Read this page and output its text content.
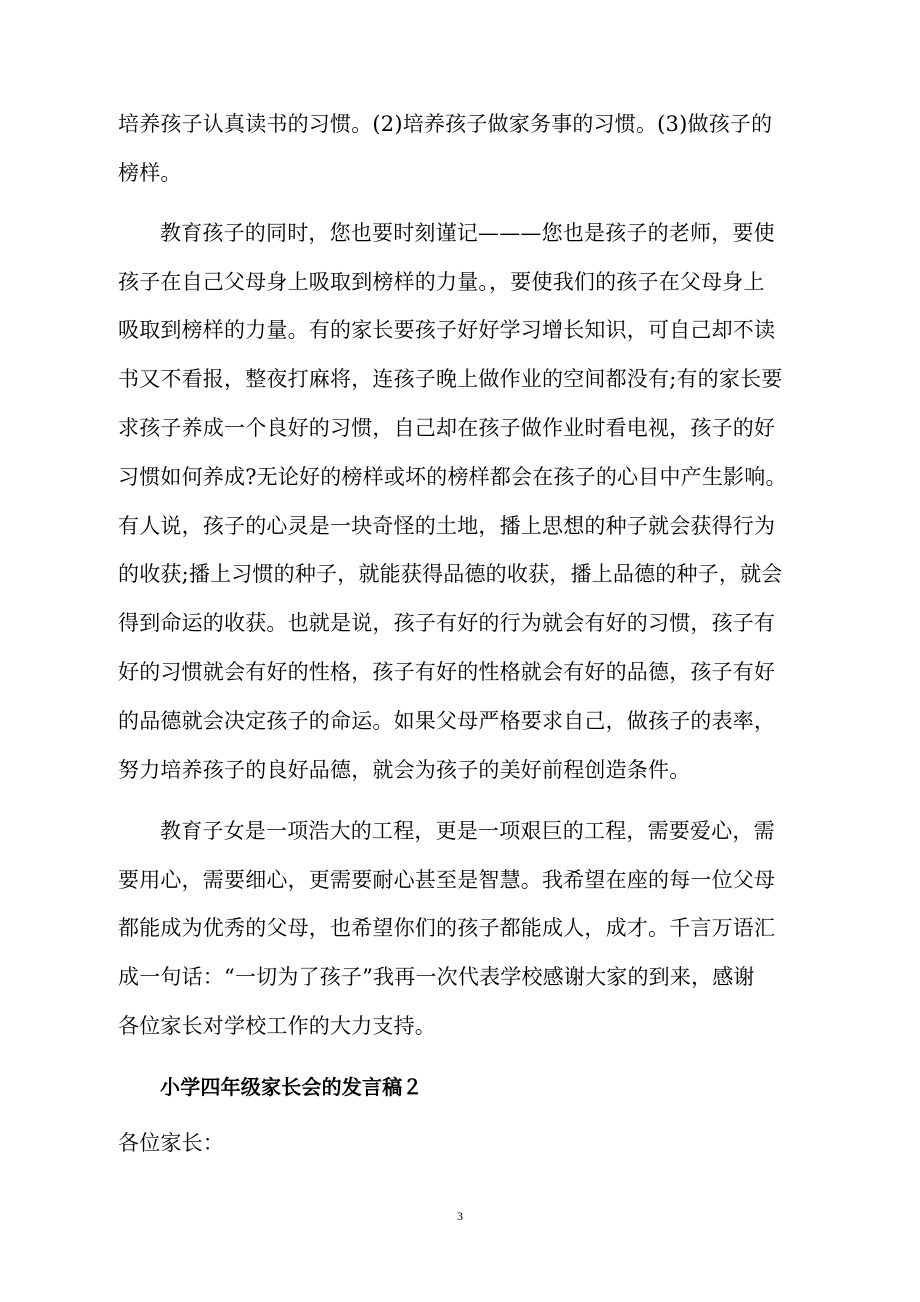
培养孩子认真读书的习惯。(2)培养孩子做家务事的习惯。(3)做孩子的
榜样。
教育孩子的同时，您也要时刻谨记———您也是孩子的老师，要使
孩子在自己父母身上吸取到榜样的力量。，要使我们的孩子在父母身上
吸取到榜样的力量。有的家长要孩子好好学习增长知识，可自己却不读
书又不看报，整夜打麻将，连孩子晚上做作业的空间都没有;有的家长要
求孩子养成一个良好的习惯，自己却在孩子做作业时看电视，孩子的好
习惯如何养成?无论好的榜样或坏的榜样都会在孩子的心目中产生影响。
有人说，孩子的心灵是一块奇怪的土地，播上思想的种子就会获得行为
的收获;播上习惯的种子，就能获得品德的收获，播上品德的种子，就会
得到命运的收获。也就是说，孩子有好的行为就会有好的习惯，孩子有
好的习惯就会有好的性格，孩子有好的性格就会有好的品德，孩子有好
的品德就会决定孩子的命运。如果父母严格要求自己，做孩子的表率，
努力培养孩子的良好品德，就会为孩子的美好前程创造条件。
教育子女是一项浩大的工程，更是一项艰巨的工程，需要爱心，需
要用心，需要细心，更需要耐心甚至是智慧。我希望在座的每一位父母
都能成为优秀的父母，也希望你们的孩子都能成人，成才。千言万语汇
成一句话：“一切为了孩子”我再一次代表学校感谢大家的到来，感谢
各位家长对学校工作的大力支持。
小学四年级家长会的发言稿２
各位家长：
3
